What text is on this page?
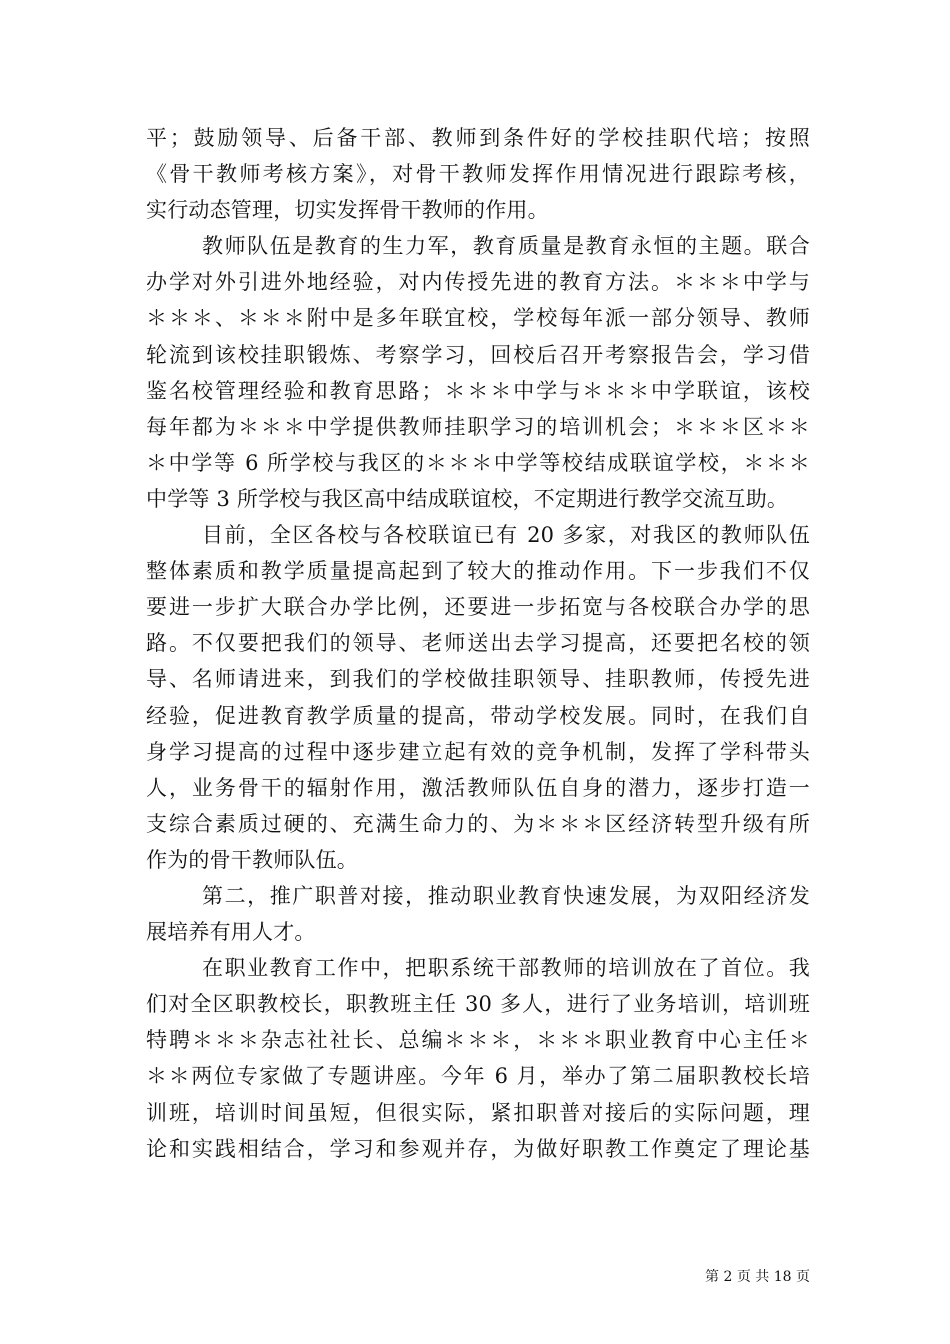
平；鼓励领导、后备干部、教师到条件好的学校挂职代培；按照
《骨干教师考核方案》，对骨干教师发挥作用情况进行跟踪考核，
实行动态管理，切实发挥骨干教师的作用。
教师队伍是教育的生力军，教育质量是教育永恒的主题。联合
办学对外引进外地经验，对内传授先进的教育方法。＊＊＊中学与
＊＊＊、＊＊＊附中是多年联宜校，学校每年派一部分领导、教师
轮流到该校挂职锻炼、考察学习，回校后召开考察报告会，学习借
鉴名校管理经验和教育思路；＊＊＊中学与＊＊＊中学联谊，该校
每年都为＊＊＊中学提供教师挂职学习的培训机会；＊＊＊区＊＊
＊中学等 6 所学校与我区的＊＊＊中学等校结成联谊学校，＊＊＊
中学等 3 所学校与我区高中结成联谊校，不定期进行教学交流互助。
目前，全区各校与各校联谊已有 20 多家，对我区的教师队伍
整体素质和教学质量提高起到了较大的推动作用。下一步我们不仅
要进一步扩大联合办学比例，还要进一步拓宽与各校联合办学的思
路。不仅要把我们的领导、老师送出去学习提高，还要把名校的领
导、名师请进来，到我们的学校做挂职领导、挂职教师，传授先进
经验，促进教育教学质量的提高，带动学校发展。同时，在我们自
身学习提高的过程中逐步建立起有效的竞争机制，发挥了学科带头
人，业务骨干的辐射作用，激活教师队伍自身的潜力，逐步打造一
支综合素质过硬的、充满生命力的、为＊＊＊区经济转型升级有所
作为的骨干教师队伍。
第二，推广职普对接，推动职业教育快速发展，为双阳经济发
展培养有用人才。
在职业教育工作中，把职系统干部教师的培训放在了首位。我
们对全区职教校长，职教班主任 30 多人，进行了业务培训，培训班
特聘＊＊＊杂志社社长、总编＊＊＊，＊＊＊职业教育中心主任＊
＊＊两位专家做了专题讲座。今年 6 月，举办了第二届职教校长培
训班，培训时间虽短，但很实际，紧扣职普对接后的实际问题，理
论和实践相结合，学习和参观并存，为做好职教工作奠定了理论基
第 2 页 共 18 页
